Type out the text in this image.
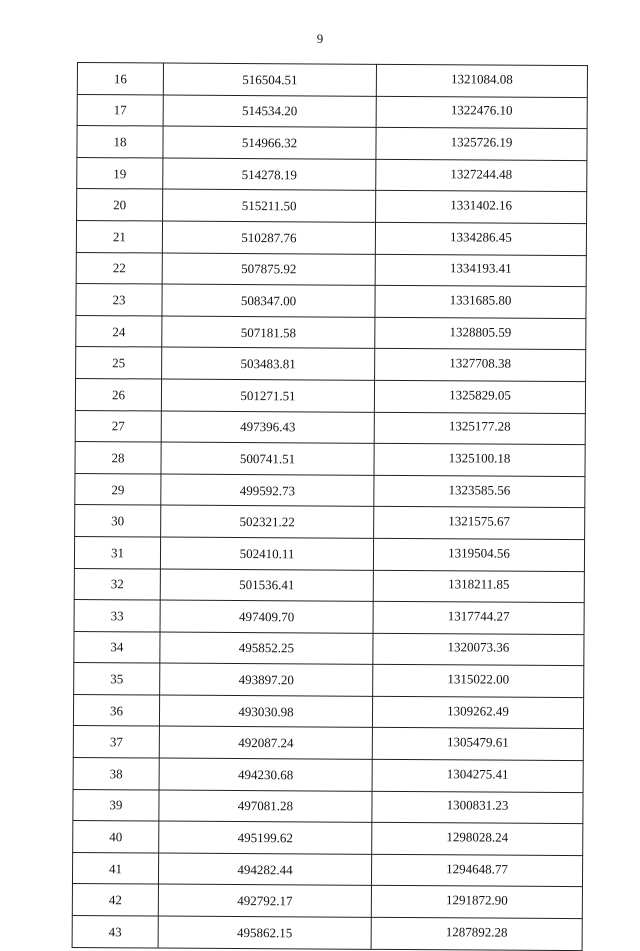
9
16	516504.51	1321084.08
17	514534.20	1322476.10
18	514966.32	1325726.19
19	514278.19	1327244.48
20	515211.50	1331402.16
21	510287.76	1334286.45
22	507875.92	1334193.41
23	508347.00	1331685.80
24	507181.58	1328805.59
25	503483.81	1327708.38
26	501271.51	1325829.05
27	497396.43	1325177.28
28	500741.51	1325100.18
29	499592.73	1323585.56
30	502321.22	1321575.67
31	502410.11	1319504.56
32	501536.41	1318211.85
33	497409.70	1317744.27
34	495852.25	1320073.36
35	493897.20	1315022.00
36	493030.98	1309262.49
37	492087.24	1305479.61
38	494230.68	1304275.41
39	497081.28	1300831.23
40	495199.62	1298028.24
41	494282.44	1294648.77
42	492792.17	1291872.90
43	495862.15	1287892.28
